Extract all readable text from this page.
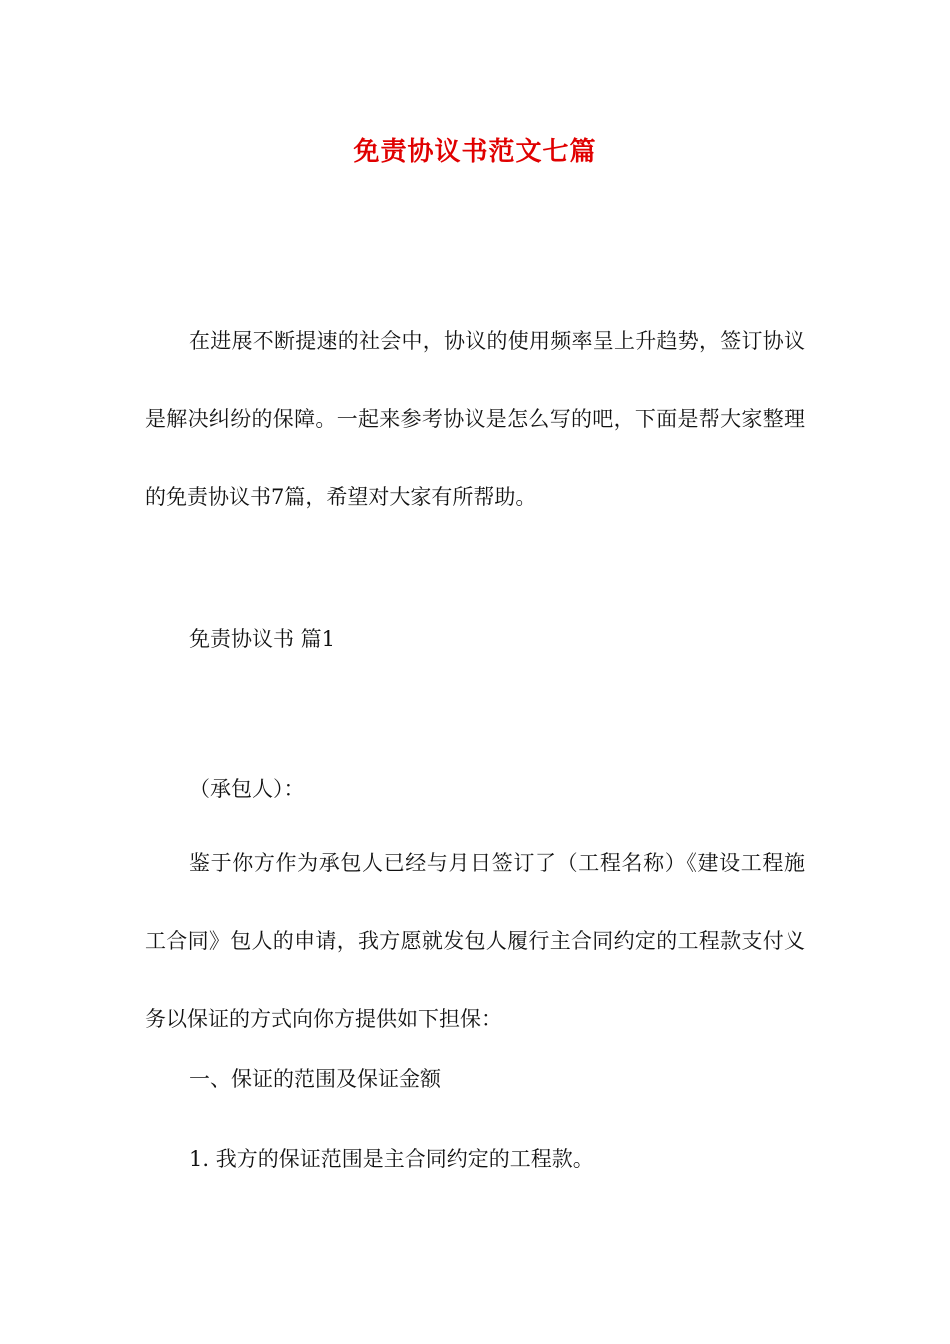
免责协议书范文七篇

在进展不断提速的社会中，协议的使用频率呈上升趋势，签订协议是解决纠纷的保障。一起来参考协议是怎么写的吧，下面是帮大家整理的免责协议书7篇，希望对大家有所帮助。

免责协议书 篇1

（承包人）：

鉴于你方作为承包人已经与月日签订了（工程名称）《建设工程施工合同》包人的申请，我方愿就发包人履行主合同约定的工程款支付义务以保证的方式向你方提供如下担保：

一、保证的范围及保证金额

1. 我方的保证范围是主合同约定的工程款。
